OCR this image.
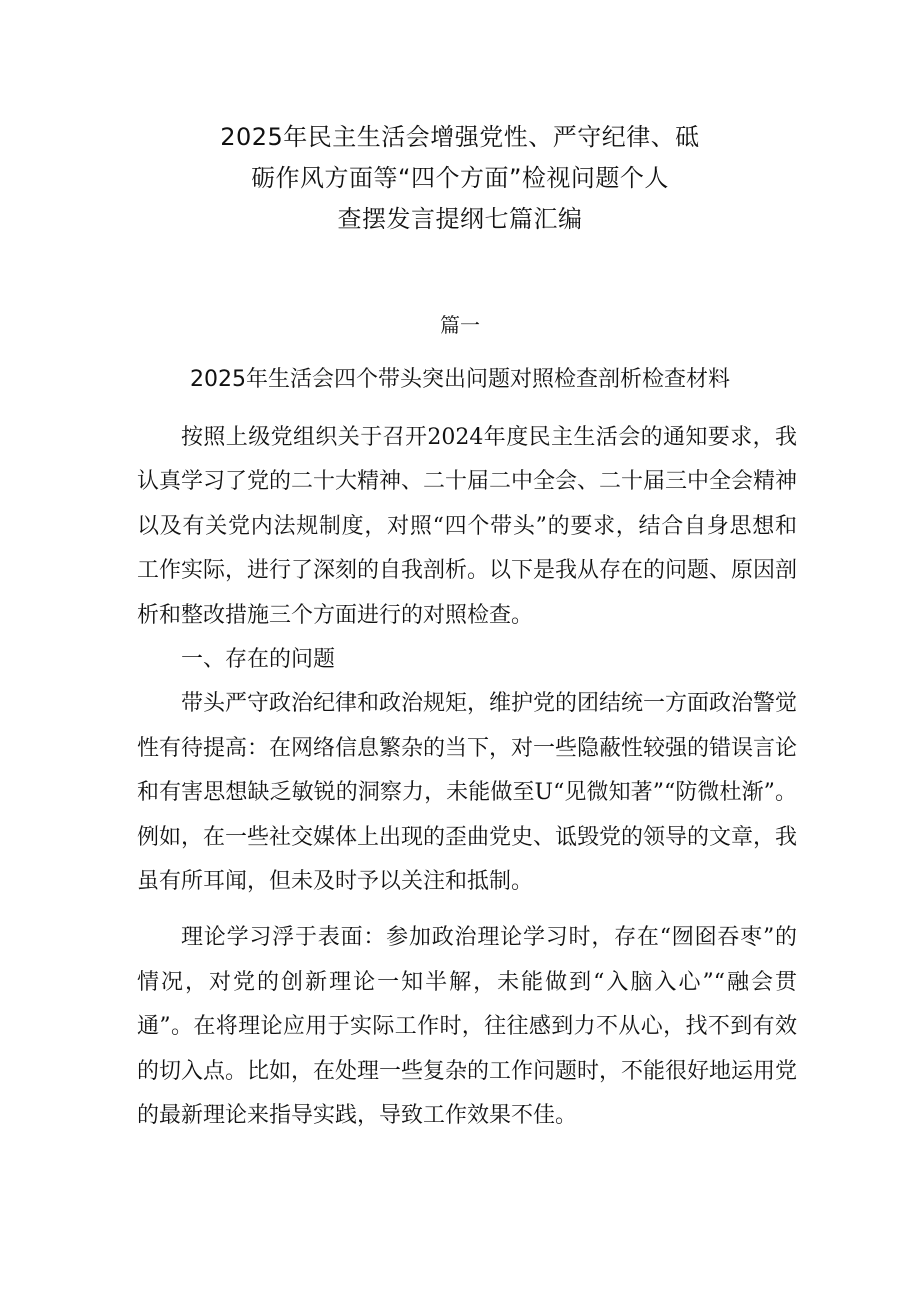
2025年民主生活会增强党性、严守纪律、砥
砺作风方面等“四个方面”检视问题个人
查摆发言提纲七篇汇编
篇一
2025年生活会四个带头突出问题对照检查剖析检查材料

按照上级党组织关于召开2024年度民主生活会的通知要求，我认真学习了党的二十大精神、二十届二中全会、二十届三中全会精神以及有关党内法规制度，对照“四个带头”的要求，结合自身思想和工作实际，进行了深刻的自我剖析。以下是我从存在的问题、原因剖析和整改措施三个方面进行的对照检查。

一、存在的问题

带头严守政治纪律和政治规矩，维护党的团结统一方面政治警觉性有待提高：在网络信息繁杂的当下，对一些隐蔽性较强的错误言论和有害思想缺乏敏锐的洞察力，未能做至U“见微知著”“防微杜渐”。例如，在一些社交媒体上出现的歪曲党史、诋毁党的领导的文章，我虽有所耳闻，但未及时予以关注和抵制。

理论学习浮于表面：参加政治理论学习时，存在“囫囵吞枣”的情况，对党的创新理论一知半解，未能做到“入脑入心”“融会贯通”。在将理论应用于实际工作时，往往感到力不从心，找不到有效的切入点。比如，在处理一些复杂的工作问题时，不能很好地运用党的最新理论来指导实践，导致工作效果不佳。
